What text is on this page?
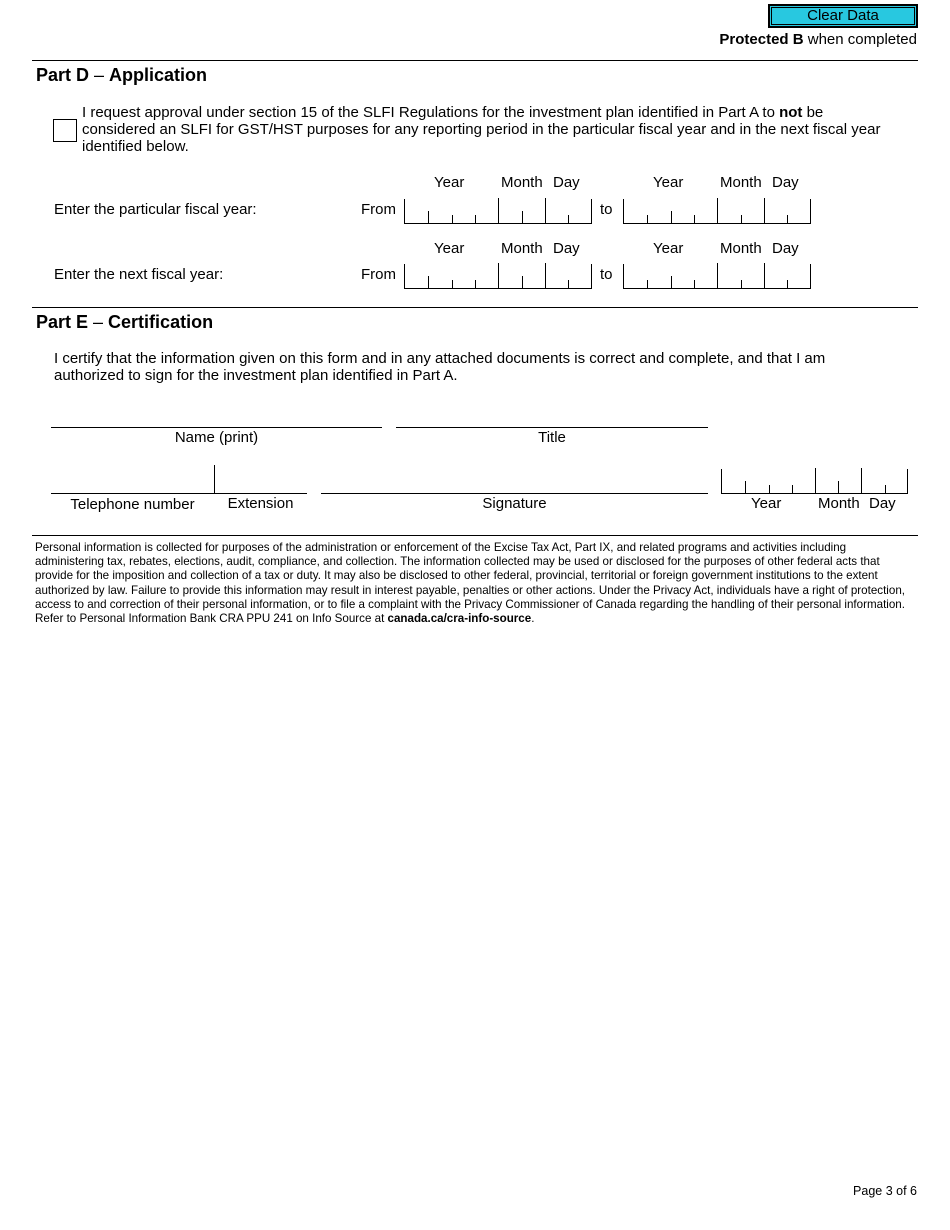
Clear Data
Protected B when completed
Part D – Application
I request approval under section 15 of the SLFI Regulations for the investment plan identified in Part A to not be considered an SLFI for GST/HST purposes for any reporting period in the particular fiscal year and in the next fiscal year identified below.
Year Month Day	Year Month Day
Enter the particular fiscal year:	From	to
Year Month Day	Year Month Day
Enter the next fiscal year:	From	to
Part E – Certification
I certify that the information given on this form and in any attached documents is correct and complete, and that I am authorized to sign for the investment plan identified in Part A.
Name (print)	Title
Telephone number	Extension	Signature	Year Month Day
Personal information is collected for purposes of the administration or enforcement of the Excise Tax Act, Part IX, and related programs and activities including administering tax, rebates, elections, audit, compliance, and collection. The information collected may be used or disclosed for the purposes of other federal acts that provide for the imposition and collection of a tax or duty. It may also be disclosed to other federal, provincial, territorial or foreign government institutions to the extent authorized by law. Failure to provide this information may result in interest payable, penalties or other actions. Under the Privacy Act, individuals have a right of protection, access to and correction of their personal information, or to file a complaint with the Privacy Commissioner of Canada regarding the handling of their personal information. Refer to Personal Information Bank CRA PPU 241 on Info Source at canada.ca/cra-info-source.
Page 3 of 6
